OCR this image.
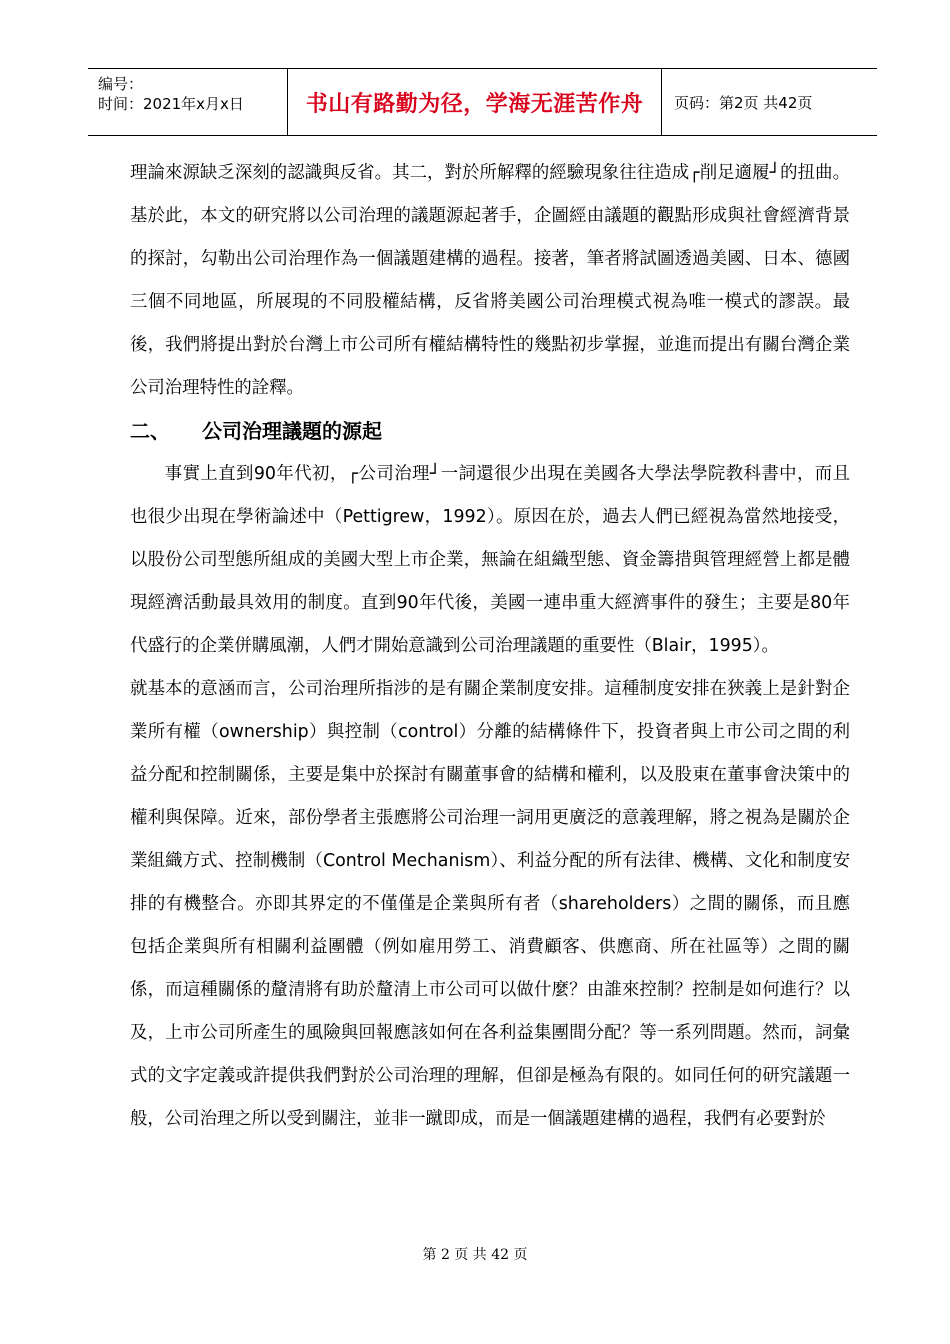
编号：
时间：2021年x月x日	书山有路勤为径，学海无涯苦作舟	页码：第2页 共42页

理論來源缺乏深刻的認識與反省。其二，對於所解釋的經驗現象往往造成┌削足適履┘的扭曲。基於此，本文的研究將以公司治理的議題源起著手，企圖經由議題的觀點形成與社會經濟背景的探討，勾勒出公司治理作為一個議題建構的過程。接著，筆者將試圖透過美國、日本、德國三個不同地區，所展現的不同股權結構，反省將美國公司治理模式視為唯一模式的謬誤。最後，我們將提出對於台灣上市公司所有權結構特性的幾點初步掌握，並進而提出有關台灣企業公司治理特性的詮釋。

二、 公司治理議題的源起

事實上直到90年代初，┌公司治理┘一詞還很少出現在美國各大學法學院教科書中，而且也很少出現在學術論述中（Pettigrew，1992）。原因在於，過去人們已經視為當然地接受，以股份公司型態所組成的美國大型上市企業，無論在組織型態、資金籌措與管理經營上都是體現經濟活動最具效用的制度。直到90年代後，美國一連串重大經濟事件的發生；主要是80年代盛行的企業併購風潮，人們才開始意識到公司治理議題的重要性（Blair，1995）。

就基本的意涵而言，公司治理所指涉的是有關企業制度安排。這種制度安排在狹義上是針對企業所有權（ownership）與控制（control）分離的結構條件下，投資者與上市公司之間的利益分配和控制關係，主要是集中於探討有關董事會的結構和權利，以及股東在董事會決策中的權利與保障。近來，部份學者主張應將公司治理一詞用更廣泛的意義理解，將之視為是關於企業組織方式、控制機制（Control Mechanism）、利益分配的所有法律、機構、文化和制度安排的有機整合。亦即其界定的不僅僅是企業與所有者（shareholders）之間的關係，而且應包括企業與所有相關利益團體（例如雇用勞工、消費顧客、供應商、所在社區等）之間的關係，而這種關係的釐清將有助於釐清上市公司可以做什麼？由誰來控制？控制是如何進行？以及，上市公司所產生的風險與回報應該如何在各利益集團間分配？等一系列問題。然而，詞彙式的文字定義或許提供我們對於公司治理的理解，但卻是極為有限的。如同任何的研究議題一般，公司治理之所以受到關注，並非一蹴即成，而是一個議題建構的過程，我們有必要對於

第 2 页 共 42 页
